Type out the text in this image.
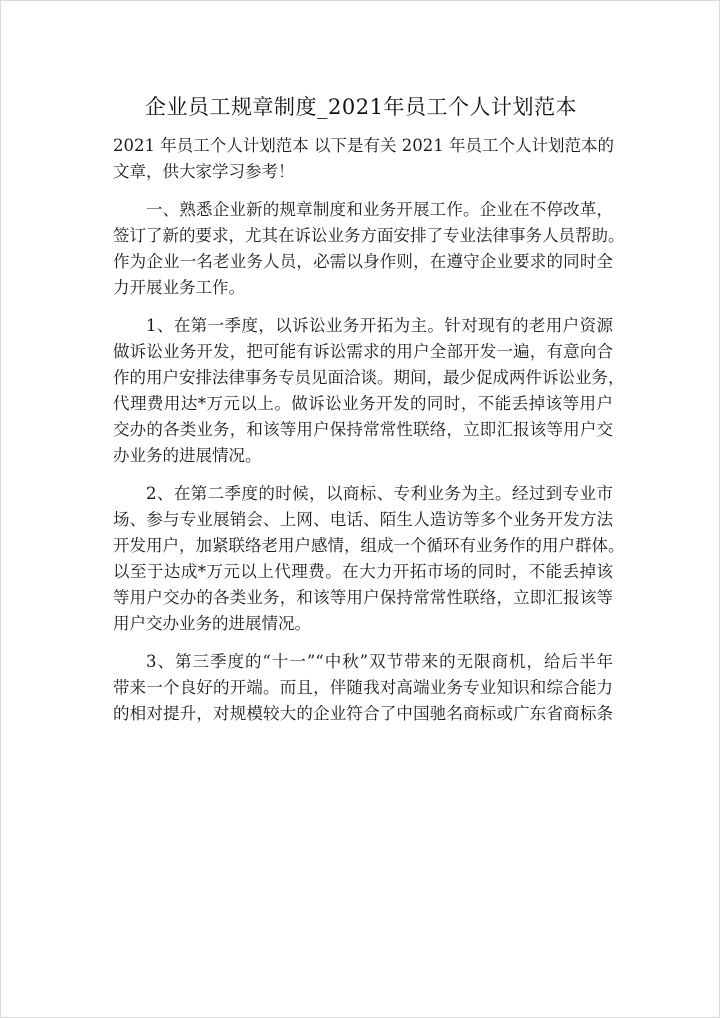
企业员工规章制度_2021年员工个人计划范本
2021 年员工个人计划范本 以下是有关 2021 年员工个人计划范本的
文章，供大家学习参考！
一、熟悉企业新的规章制度和业务开展工作。企业在不停改革，
签订了新的要求，尤其在诉讼业务方面安排了专业法律事务人员帮助。
作为企业一名老业务人员，必需以身作则，在遵守企业要求的同时全
力开展业务工作。
1、在第一季度，以诉讼业务开拓为主。针对现有的老用户资源
做诉讼业务开发，把可能有诉讼需求的用户全部开发一遍，有意向合
作的用户安排法律事务专员见面洽谈。期间，最少促成两件诉讼业务，
代理费用达*万元以上。做诉讼业务开发的同时，不能丢掉该等用户
交办的各类业务，和该等用户保持常常性联络，立即汇报该等用户交
办业务的进展情况。
2、在第二季度的时候，以商标、专利业务为主。经过到专业市
场、参与专业展销会、上网、电话、陌生人造访等多个业务开发方法
开发用户，加紧联络老用户感情，组成一个循环有业务作的用户群体。
以至于达成*万元以上代理费。在大力开拓市场的同时，不能丢掉该
等用户交办的各类业务，和该等用户保持常常性联络，立即汇报该等
用户交办业务的进展情况。
3、第三季度的“十一”“中秋”双节带来的无限商机，给后半年
带来一个良好的开端。而且，伴随我对高端业务专业知识和综合能力
的相对提升，对规模较大的企业符合了中国驰名商标或广东省商标条
